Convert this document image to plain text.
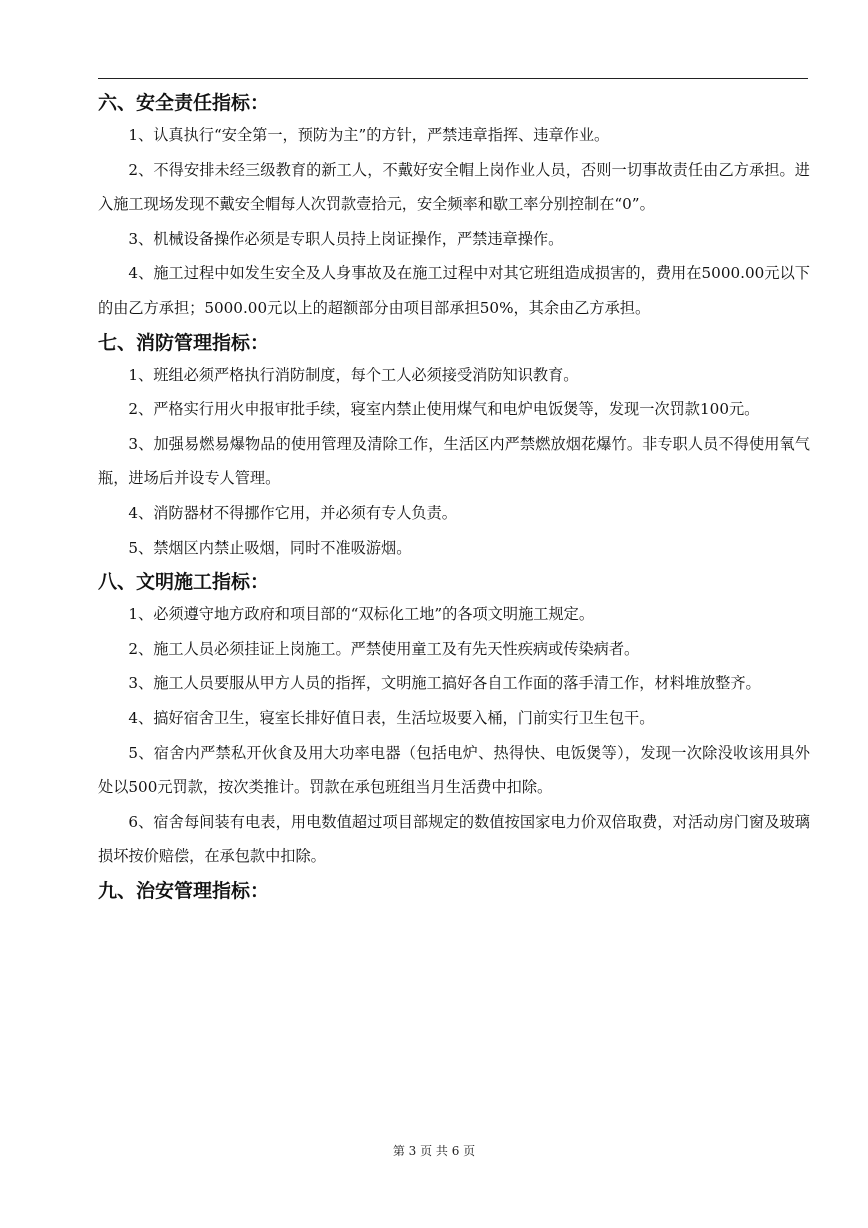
六、安全责任指标：

1、认真执行“安全第一，预防为主”的方针，严禁违章指挥、违章作业。

2、不得安排未经三级教育的新工人，不戴好安全帽上岗作业人员，否则一切事故责任由乙方承担。进入施工现场发现不戴安全帽每人次罚款壹拾元，安全频率和歇工率分别控制在“0”。

3、机械设备操作必须是专职人员持上岗证操作，严禁违章操作。

4、施工过程中如发生安全及人身事故及在施工过程中对其它班组造成损害的，费用在5000.00元以下的由乙方承担；5000.00元以上的超额部分由项目部承担50%，其余由乙方承担。

七、消防管理指标：

1、班组必须严格执行消防制度，每个工人必须接受消防知识教育。

2、严格实行用火申报审批手续，寝室内禁止使用煤气和电炉电饭煲等，发现一次罚款100元。

3、加强易燃易爆物品的使用管理及清除工作，生活区内严禁燃放烟花爆竹。非专职人员不得使用氧气瓶，进场后并设专人管理。

4、消防器材不得挪作它用，并必须有专人负责。

5、禁烟区内禁止吸烟，同时不准吸游烟。

八、文明施工指标：

1、必须遵守地方政府和项目部的“双标化工地”的各项文明施工规定。

2、施工人员必须挂证上岗施工。严禁使用童工及有先天性疾病或传染病者。

3、施工人员要服从甲方人员的指挥，文明施工搞好各自工作面的落手清工作，材料堆放整齐。

4、搞好宿舍卫生，寝室长排好值日表，生活垃圾要入桶，门前实行卫生包干。

5、宿舍内严禁私开伙食及用大功率电器（包括电炉、热得快、电饭煲等），发现一次除没收该用具外处以500元罚款，按次类推计。罚款在承包班组当月生活费中扣除。

6、宿舍每间装有电表，用电数值超过项目部规定的数值按国家电力价双倍取费，对活动房门窗及玻璃损坏按价赔偿，在承包款中扣除。

九、治安管理指标：
第 3 页 共 6 页
